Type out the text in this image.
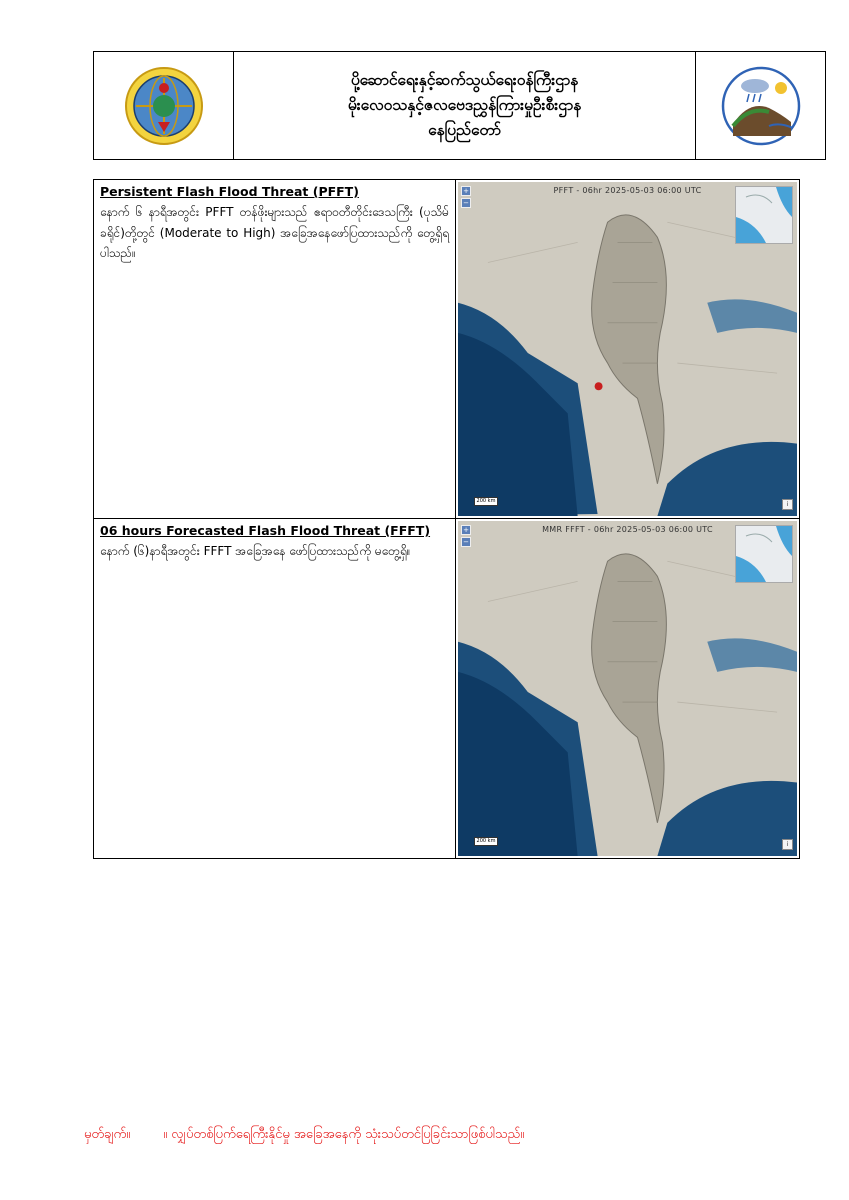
ပို့ဆောင်ရေးနှင့်ဆက်သွယ်ရေးဝန်ကြီးဌာန
မိုးလေဝသနှင့်ဇလဗေဒညွှန်ကြားမှုဦးစီးဌာန
နေပြည်တော်
Persistent Flash Flood Threat (PFFT)
နောက် ၆ နာရီအတွင်း PFFT တန်ဖိုးများသည် ဧရာဝတီတိုင်းဒေသကြီး (ပုသိမ်ခရိုင်)တို့တွင် (Moderate to High) အခြေအနေဖော်ပြထားသည်ကို တွေ့ရှိရပါသည်။
PFFT - 06hr 2025-05-03 06:00 UTC
+
−
200 km	i
06 hours Forecasted Flash Flood Threat (FFFT)
နောက် (၆)နာရီအတွင်း FFFT အခြေအနေ ဖော်ပြထားသည်ကို မတွေ့ရှိ။
MMR FFFT - 06hr 2025-05-03 06:00 UTC
+
−
200 km	i
မှတ်ချက်။	။ လျှပ်တစ်ပြက်ရေကြီးနိုင်မှု အခြေအနေကို သုံးသပ်တင်ပြခြင်းသာဖြစ်ပါသည်။
